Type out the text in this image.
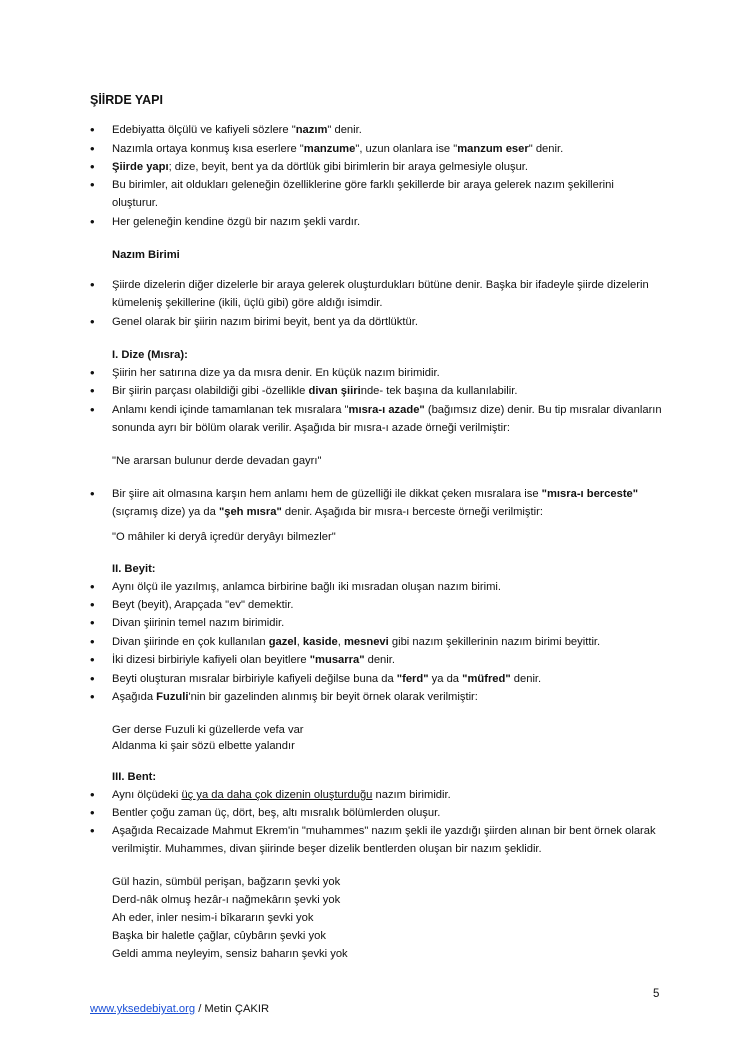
ŞİİRDE YAPI
• Edebiyatta ölçülü ve kafiyeli sözlere "nazım" denir.
• Nazımla ortaya konmuş kısa eserlere "manzume", uzun olanlara ise "manzum eser" denir.
• Şiirde yapı; dize, beyit, bent ya da dörtlük gibi birimlerin bir araya gelmesiyle oluşur.
• Bu birimler, ait oldukları geleneğin özelliklerine göre farklı şekillerde bir araya gelerek nazım şekillerini oluşturur.
• Her geleneğin kendine özgü bir nazım şekli vardır.
Nazım Birimi
• Şiirde dizelerin diğer dizelerle bir araya gelerek oluşturdukları bütüne denir. Başka bir ifadeyle şiirde dizelerin kümeleniş şekillerine (ikili, üçlü gibi) göre aldığı isimdir.
• Genel olarak bir şiirin nazım birimi beyit, bent ya da dörtlüktür.
I. Dize (Mısra):
• Şiirin her satırına dize ya da mısra denir. En küçük nazım birimidir.
• Bir şiirin parçası olabildiği gibi -özellikle divan şiirinde- tek başına da kullanılabilir.
• Anlamı kendi içinde tamamlanan tek mısralara "mısra-ı azade" (bağımsız dize) denir. Bu tip mısralar divanların sonunda ayrı bir bölüm olarak verilir. Aşağıda bir mısra-ı azade örneği verilmiştir:
"Ne ararsan bulunur derde devadan gayrı"
• Bir şiire ait olmasına karşın hem anlamı hem de güzelliği ile dikkat çeken mısralara ise "mısra-ı berceste" (sıçramış dize) ya da "şeh mısra" denir. Aşağıda bir mısra-ı berceste örneği verilmiştir:
"O mâhiler ki deryâ içredür deryâyı bilmezler"
II. Beyit:
• Aynı ölçü ile yazılmış, anlamca birbirine bağlı iki mısradan oluşan nazım birimi.
• Beyt (beyit), Arapçada "ev" demektir.
• Divan şiirinin temel nazım birimidir.
• Divan şiirinde en çok kullanılan gazel, kaside, mesnevi gibi nazım şekillerinin nazım birimi beyittir.
• İki dizesi birbiriyle kafiyeli olan beyitlere "musarra" denir.
• Beyti oluşturan mısralar birbiriyle kafiyeli değilse buna da "ferd" ya da "müfred" denir.
• Aşağıda Fuzuli'nin bir gazelinden alınmış bir beyit örnek olarak verilmiştir:
Ger derse Fuzuli ki güzellerde vefa var
Aldanma ki şair sözü elbette yalandır
III. Bent:
• Aynı ölçüdeki üç ya da daha çok dizenin oluşturduğu nazım birimidir.
• Bentler çoğu zaman üç, dört, beş, altı mısralık bölümlerden oluşur.
• Aşağıda Recaizade Mahmut Ekrem'in "muhammes" nazım şekli ile yazdığı şiirden alınan bir bent örnek olarak verilmiştir. Muhammes, divan şiirinde beşer dizelik bentlerden oluşan bir nazım şeklidir.
Gül hazin, sümbül perişan, bağzarın şevki yok
Derd-nâk olmuş hezâr-ı nağmekârın şevki yok
Ah eder, inler nesim-i bîkararın şevki yok
Başka bir haletle çağlar, cûybârın şevki yok
Geldi amma neyleyim, sensiz baharın şevki yok
5
www.yksedebiyat.org / Metin ÇAKIR
